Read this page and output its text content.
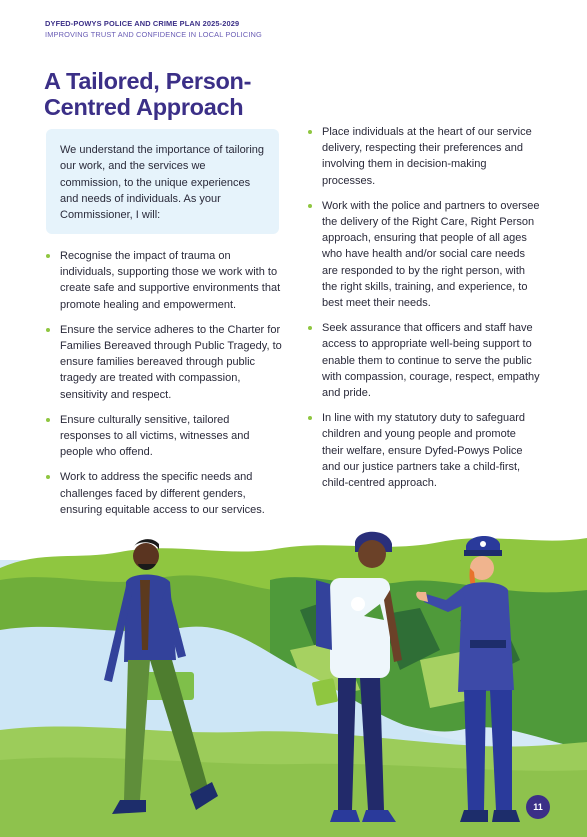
DYFED-POWYS POLICE AND CRIME PLAN 2025-2029
IMPROVING TRUST AND CONFIDENCE IN LOCAL POLICING
A Tailored, Person-Centred Approach

We understand the importance of tailoring our work, and the services we commission, to the unique experiences and needs of individuals. As your Commissioner, I will:

Recognise the impact of trauma on individuals, supporting those we work with to create safe and supportive environments that promote healing and empowerment.
Ensure the service adheres to the Charter for Families Bereaved through Public Tragedy, to ensure families bereaved through public tragedy are treated with compassion, sensitivity and respect.
Ensure culturally sensitive, tailored responses to all victims, witnesses and people who offend.
Work to address the specific needs and challenges faced by different genders, ensuring equitable access to our services.
Place individuals at the heart of our service delivery, respecting their preferences and involving them in decision-making processes.
Work with the police and partners to oversee the delivery of the Right Care, Right Person approach, ensuring that people of all ages who have health and/or social care needs are responded to by the right person, with the right skills, training, and experience, to best meet their needs.
Seek assurance that officers and staff have access to appropriate well-being support to enable them to continue to serve the public with compassion, courage, respect, empathy and pride.
In line with my statutory duty to safeguard children and young people and promote their welfare, ensure Dyfed-Powys Police and our justice partners take a child-first, child-centred approach.
11
